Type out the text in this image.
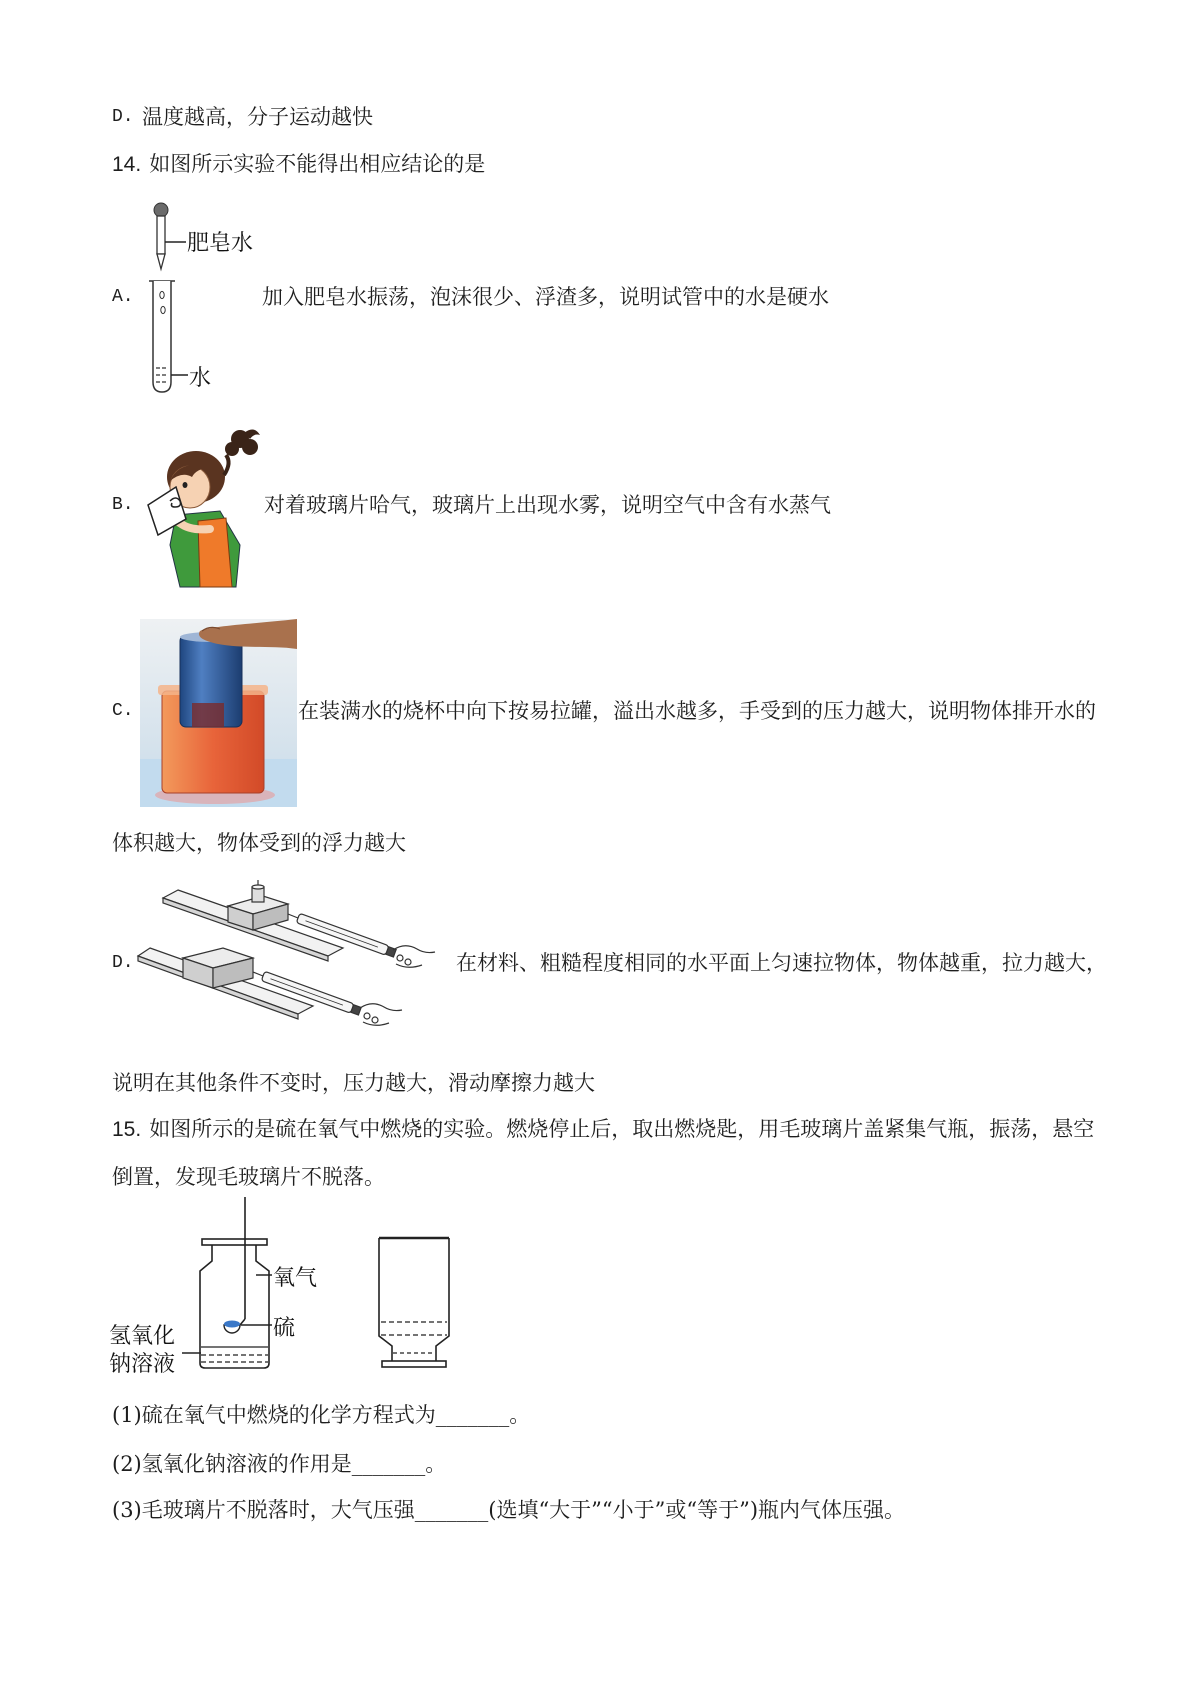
D. 温度越高，分子运动越快
14. 如图所示实验不能得出相应结论的是
肥皂水
水
A.	加入肥皂水振荡，泡沫很少、浮渣多，说明试管中的水是硬水
B.	对着玻璃片哈气，玻璃片上出现水雾，说明空气中含有水蒸气
C.	在装满水的烧杯中向下按易拉罐，溢出水越多，手受到的压力越大，说明物体排开水的
体积越大，物体受到的浮力越大
D.	在材料、粗糙程度相同的水平面上匀速拉物体，物体越重，拉力越大，
说明在其他条件不变时，压力越大，滑动摩擦力越大
15. 如图所示的是硫在氧气中燃烧的实验。燃烧停止后，取出燃烧匙，用毛玻璃片盖紧集气瓶，振荡，悬空
倒置，发现毛玻璃片不脱落。
氧气
硫
氢氧化
钠溶液
(1)硫在氧气中燃烧的化学方程式为_______。
(2)氢氧化钠溶液的作用是_______。
(3)毛玻璃片不脱落时，大气压强_______(选填“大于”“小于”或“等于”)瓶内气体压强。
